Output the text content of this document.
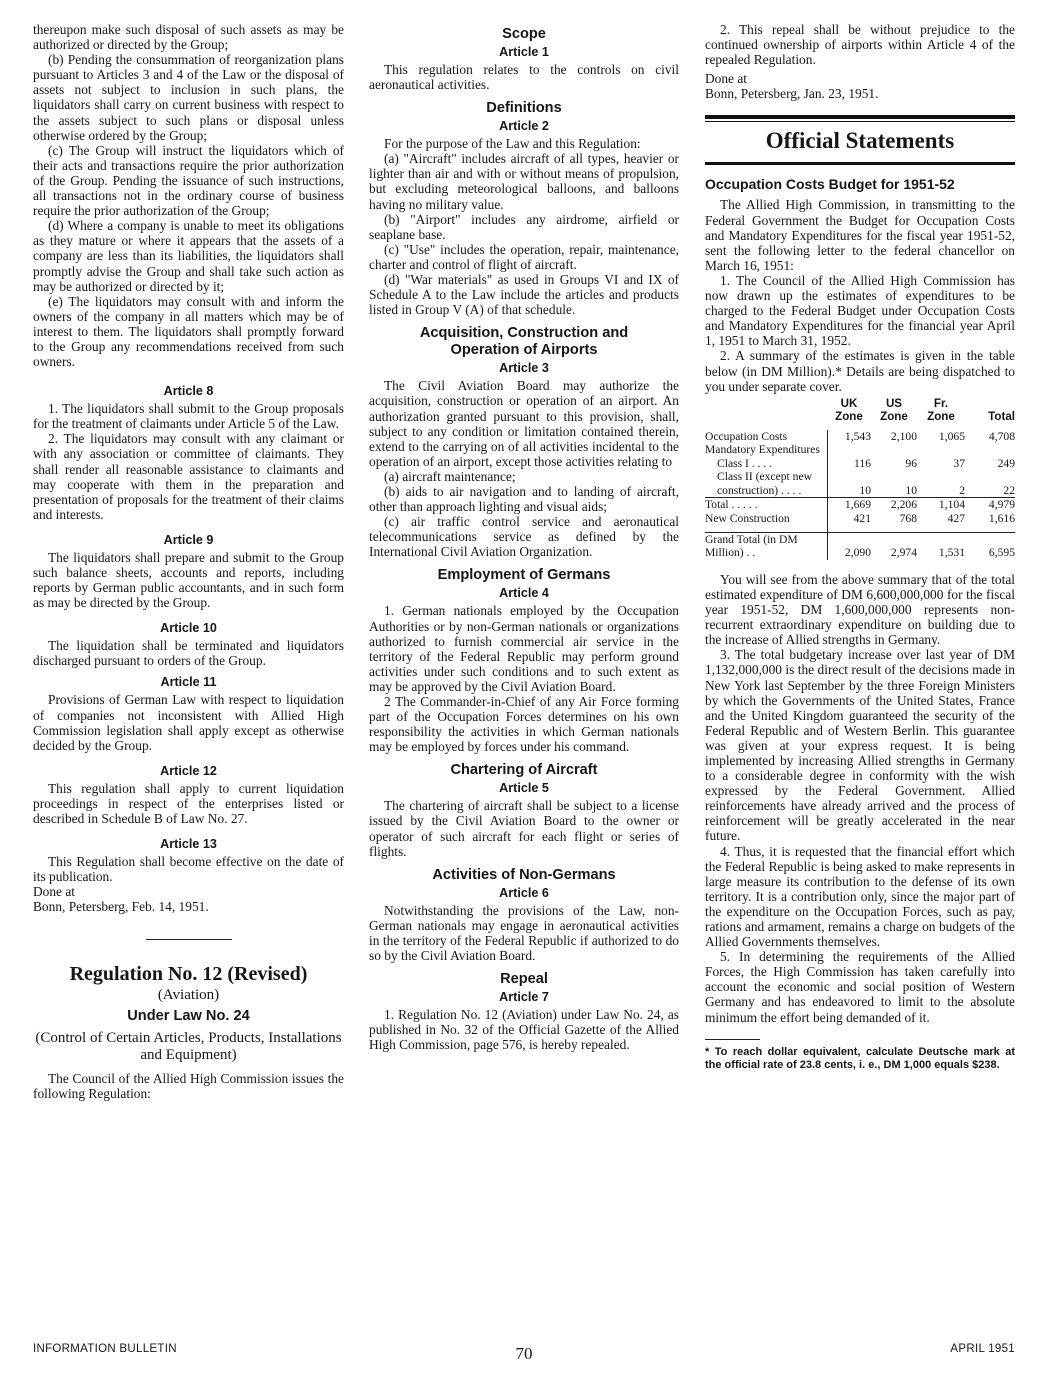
thereupon make such disposal of such assets as may be authorized or directed by the Group;

(b) Pending the consummation of reorganization plans pursuant to Articles 3 and 4 of the Law or the disposal of assets not subject to inclusion in such plans, the liquidators shall carry on current business with respect to the assets subject to such plans or disposal unless otherwise ordered by the Group;

(c) The Group will instruct the liquidators which of their acts and transactions require the prior authorization of the Group. Pending the issuance of such instructions, all transactions not in the ordinary course of business require the prior authorization of the Group;

(d) Where a company is unable to meet its obligations as they mature or where it appears that the assets of a company are less than its liabilities, the liquidators shall promptly advise the Group and shall take such action as may be authorized or directed by it;

(e) The liquidators may consult with and inform the owners of the company in all matters which may be of interest to them. The liquidators shall promptly forward to the Group any recommendations received from such owners.

Article 8

1. The liquidators shall submit to the Group proposals for the treatment of claimants under Article 5 of the Law.

2. The liquidators may consult with any claimant or with any association or committee of claimants. They shall render all reasonable assistance to claimants and may cooperate with them in the preparation and presentation of proposals for the treatment of their claims and interests.

Article 9

The liquidators shall prepare and submit to the Group such balance sheets, accounts and reports, including reports by German public accountants, and in such form as may be directed by the Group.

Article 10

The liquidation shall be terminated and liquidators discharged pursuant to orders of the Group.

Article 11

Provisions of German Law with respect to liquidation of companies not inconsistent with Allied High Commission legislation shall apply except as otherwise decided by the Group.

Article 12

This regulation shall apply to current liquidation proceedings in respect of the enterprises listed or described in Schedule B of Law No. 27.

Article 13

This Regulation shall become effective on the date of its publication.

Done at

Bonn, Petersberg, Feb. 14, 1951.

Regulation No. 12 (Revised)
(Aviation)
Under Law No. 24
(Control of Certain Articles, Products, Installations and Equipment)

The Council of the Allied High Commission issues the following Regulation:

Scope
Article 1

This regulation relates to the controls on civil aeronautical activities.

Definitions
Article 2

For the purpose of the Law and this Regulation:

(a) "Aircraft" includes aircraft of all types, heavier or lighter than air and with or without means of propulsion, but excluding meteorological balloons, and balloons having no military value.

(b) "Airport" includes any airdrome, airfield or seaplane base.

(c) "Use" includes the operation, repair, maintenance, charter and control of flight of aircraft.

(d) "War materials" as used in Groups VI and IX of Schedule A to the Law include the articles and products listed in Group V (A) of that schedule.

Acquisition, Construction and Operation of Airports
Article 3

The Civil Aviation Board may authorize the acquisition, construction or operation of an airport. An authorization granted pursuant to this provision, shall, subject to any condition or limitation contained therein, extend to the carrying on of all activities incidental to the operation of an airport, except those activities relating to

(a) aircraft maintenance;

(b) aids to air navigation and to landing of aircraft, other than approach lighting and visual aids;

(c) air traffic control service and aeronautical telecommunications service as defined by the International Civil Aviation Organization.

Employment of Germans
Article 4

1. German nationals employed by the Occupation Authorities or by non-German nationals or organizations authorized to furnish commercial air service in the territory of the Federal Republic may perform ground activities under such conditions and to such extent as may be approved by the Civil Aviation Board.

2 The Commander-in-Chief of any Air Force forming part of the Occupation Forces determines on his own responsibility the activities in which German nationals may be employed by forces under his command.

Chartering of Aircraft
Article 5

The chartering of aircraft shall be subject to a license issued by the Civil Aviation Board to the owner or operator of such aircraft for each flight or series of flights.

Activities of Non-Germans
Article 6

Notwithstanding the provisions of the Law, non-German nationals may engage in aeronautical activities in the territory of the Federal Republic if authorized to do so by the Civil Aviation Board.

Repeal
Article 7

1. Regulation No. 12 (Aviation) under Law No. 24, as published in No. 32 of the Official Gazette of the Allied High Commission, page 576, is hereby repealed.

2. This repeal shall be without prejudice to the continued ownership of airports within Article 4 of the repealed Regulation.

Done at

Bonn, Petersberg, Jan. 23, 1951.

Official Statements
Occupation Costs Budget for 1951-52

The Allied High Commission, in transmitting to the Federal Government the Budget for Occupation Costs and Mandatory Expenditures for the fiscal year 1951-52, sent the following letter to the federal chancellor on March 16, 1951:

1. The Council of the Allied High Commission has now drawn up the estimates of expenditures to be charged to the Federal Budget under Occupation Costs and Mandatory Expenditures for the financial year April 1, 1951 to March 31, 1952.

2. A summary of the estimates is given in the table below (in DM Million).* Details are being dispatched to you under separate cover.

	UK	US	Fr.	
	Zone	Zone	Zone	Total

Occupation Costs	1,543	2,100	1,065	4,708
Mandatory Expenditures				
Class I . . . .	116	96	37	249
Class II (except new construction) . . . .	10	10	2	22
Total . . . . .	1,669	2,206	1,104	4,979
New Construction	421	768	427	1,616

Grand Total (in DM Million) . .	2,090	2,974	1,531	6,595

You will see from the above summary that of the total estimated expenditure of DM 6,600,000,000 for the fiscal year 1951-52, DM 1,600,000,000 represents non-recurrent extraordinary expenditure on building due to the increase of Allied strengths in Germany.

3. The total budgetary increase over last year of DM 1,132,000,000 is the direct result of the decisions made in New York last September by the three Foreign Ministers by which the Governments of the United States, France and the United Kingdom guaranteed the security of the Federal Republic and of Western Berlin. This guarantee was given at your express request. It is being implemented by increasing Allied strengths in Germany to a considerable degree in conformity with the wish expressed by the Federal Government. Allied reinforcements have already arrived and the process of reinforcement will be greatly accelerated in the near future.

4. Thus, it is requested that the financial effort which the Federal Republic is being asked to make represents in large measure its contribution to the defense of its own territory. It is a contribution only, since the major part of the expenditure on the Occupation Forces, such as pay, rations and armament, remains a charge on budgets of the Allied Governments themselves.

5. In determining the requirements of the Allied Forces, the High Commission has taken carefully into account the economic and social position of Western Germany and has endeavored to limit to the absolute minimum the effort being demanded of it.

* To reach dollar equivalent, calculate Deutsche mark at the official rate of 23.8 cents, i. e., DM 1,000 equals $238.
INFORMATION BULLETIN	70	APRIL 1951
